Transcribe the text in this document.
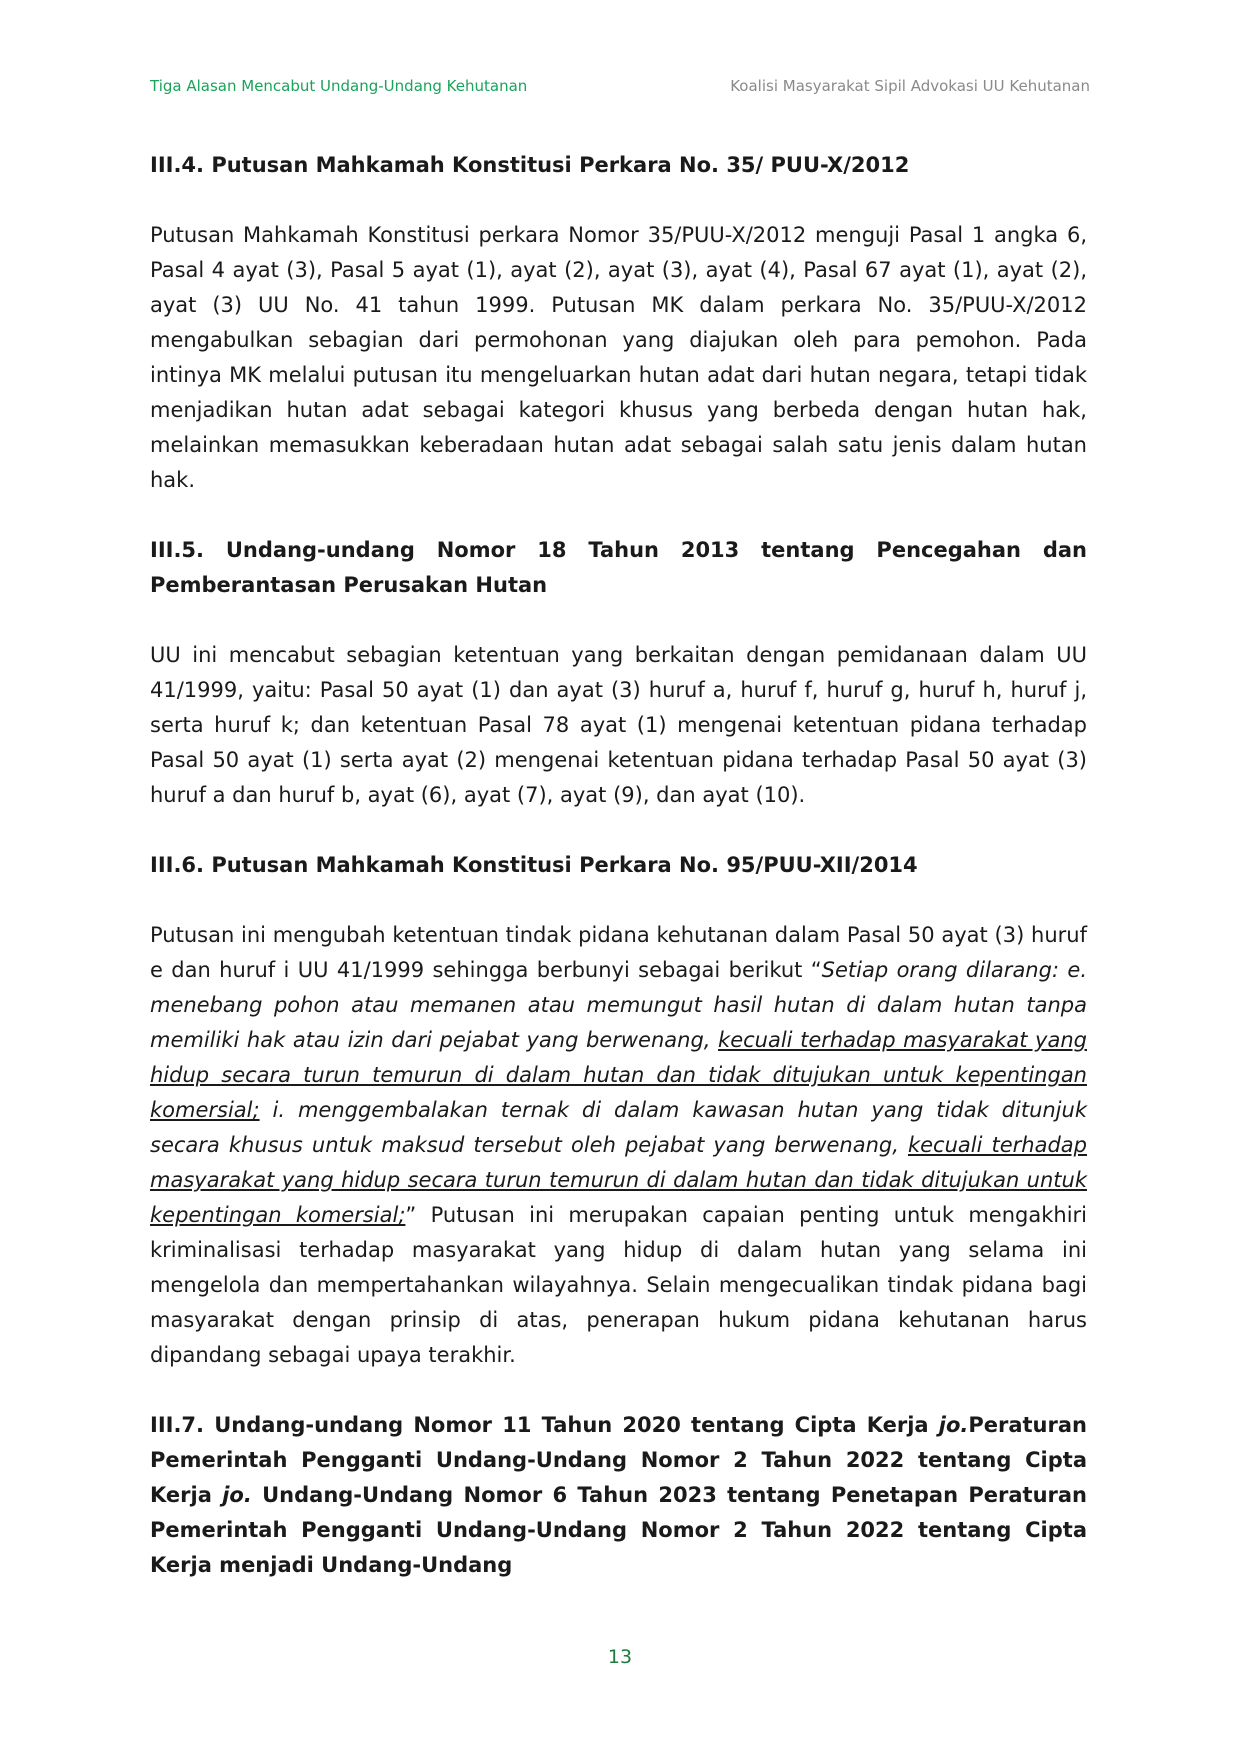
Tiga Alasan Mencabut Undang-Undang Kehutanan	Koalisi Masyarakat Sipil Advokasi UU Kehutanan

III.4. Putusan Mahkamah Konstitusi Perkara No. 35/ PUU-X/2012

Putusan Mahkamah Konstitusi perkara Nomor 35/PUU-X/2012 menguji Pasal 1 angka 6, Pasal 4 ayat (3), Pasal 5 ayat (1), ayat (2), ayat (3), ayat (4), Pasal 67 ayat (1), ayat (2), ayat (3) UU No. 41 tahun 1999. Putusan MK dalam perkara No. 35/PUU-X/2012 mengabulkan sebagian dari permohonan yang diajukan oleh para pemohon. Pada intinya MK melalui putusan itu mengeluarkan hutan adat dari hutan negara, tetapi tidak menjadikan hutan adat sebagai kategori khusus yang berbeda dengan hutan hak, melainkan memasukkan keberadaan hutan adat sebagai salah satu jenis dalam hutan hak.

III.5. Undang-undang Nomor 18 Tahun 2013 tentang Pencegahan dan Pemberantasan Perusakan Hutan

UU ini mencabut sebagian ketentuan yang berkaitan dengan pemidanaan dalam UU 41/1999, yaitu: Pasal 50 ayat (1) dan ayat (3) huruf a, huruf f, huruf g, huruf h, huruf j, serta huruf k; dan ketentuan Pasal 78 ayat (1) mengenai ketentuan pidana terhadap Pasal 50 ayat (1) serta ayat (2) mengenai ketentuan pidana terhadap Pasal 50 ayat (3) huruf a dan huruf b, ayat (6), ayat (7), ayat (9), dan ayat (10).

III.6. Putusan Mahkamah Konstitusi Perkara No. 95/PUU-XII/2014

Putusan ini mengubah ketentuan tindak pidana kehutanan dalam Pasal 50 ayat (3) huruf e dan huruf i UU 41/1999 sehingga berbunyi sebagai berikut “Setiap orang dilarang: e. menebang pohon atau memanen atau memungut hasil hutan di dalam hutan tanpa memiliki hak atau izin dari pejabat yang berwenang, kecuali terhadap masyarakat yang hidup secara turun temurun di dalam hutan dan tidak ditujukan untuk kepentingan komersial; i. menggembalakan ternak di dalam kawasan hutan yang tidak ditunjuk secara khusus untuk maksud tersebut oleh pejabat yang berwenang, kecuali terhadap masyarakat yang hidup secara turun temurun di dalam hutan dan tidak ditujukan untuk kepentingan komersial;” Putusan ini merupakan capaian penting untuk mengakhiri kriminalisasi terhadap masyarakat yang hidup di dalam hutan yang selama ini mengelola dan mempertahankan wilayahnya. Selain mengecualikan tindak pidana bagi masyarakat dengan prinsip di atas, penerapan hukum pidana kehutanan harus dipandang sebagai upaya terakhir.

III.7. Undang-undang Nomor 11 Tahun 2020 tentang Cipta Kerja jo.Peraturan Pemerintah Pengganti Undang-Undang Nomor 2 Tahun 2022 tentang Cipta Kerja jo. Undang-Undang Nomor 6 Tahun 2023 tentang Penetapan Peraturan Pemerintah Pengganti Undang-Undang Nomor 2 Tahun 2022 tentang Cipta Kerja menjadi Undang-Undang

13
